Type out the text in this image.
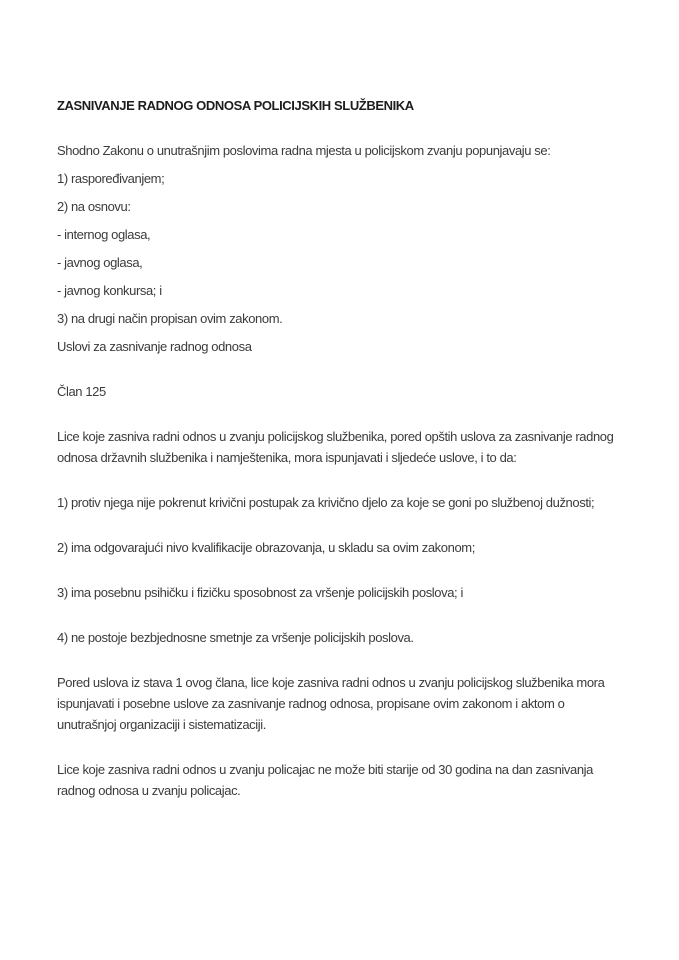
ZASNIVANJE RADNOG ODNOSA POLICIJSKIH SLUŽBENIKA

Shodno Zakonu o unutrašnjim poslovima radna mjesta u policijskom zvanju popunjavaju se:

1) raspoređivanjem;

2) na osnovu:

- internog oglasa,

- javnog oglasa,

- javnog konkursa; i

3) na drugi način propisan ovim zakonom.

Uslovi za zasnivanje radnog odnosa

Član 125

Lice koje zasniva radni odnos u zvanju policijskog službenika, pored opštih uslova za zasnivanje radnog odnosa državnih službenika i namještenika, mora ispunjavati i sljedeće uslove, i to da:

1) protiv njega nije pokrenut krivični postupak za krivično djelo za koje se goni po službenoj dužnosti;

2) ima odgovarajući nivo kvalifikacije obrazovanja, u skladu sa ovim zakonom;

3) ima posebnu psihičku i fizičku sposobnost za vršenje policijskih poslova; i

4) ne postoje bezbjednosne smetnje za vršenje policijskih poslova.

Pored uslova iz stava 1 ovog člana, lice koje zasniva radni odnos u zvanju policijskog službenika mora ispunjavati i posebne uslove za zasnivanje radnog odnosa, propisane ovim zakonom i aktom o unutrašnjoj organizaciji i sistematizaciji.

Lice koje zasniva radni odnos u zvanju policajac ne može biti starije od 30 godina na dan zasnivanja radnog odnosa u zvanju policajac.
